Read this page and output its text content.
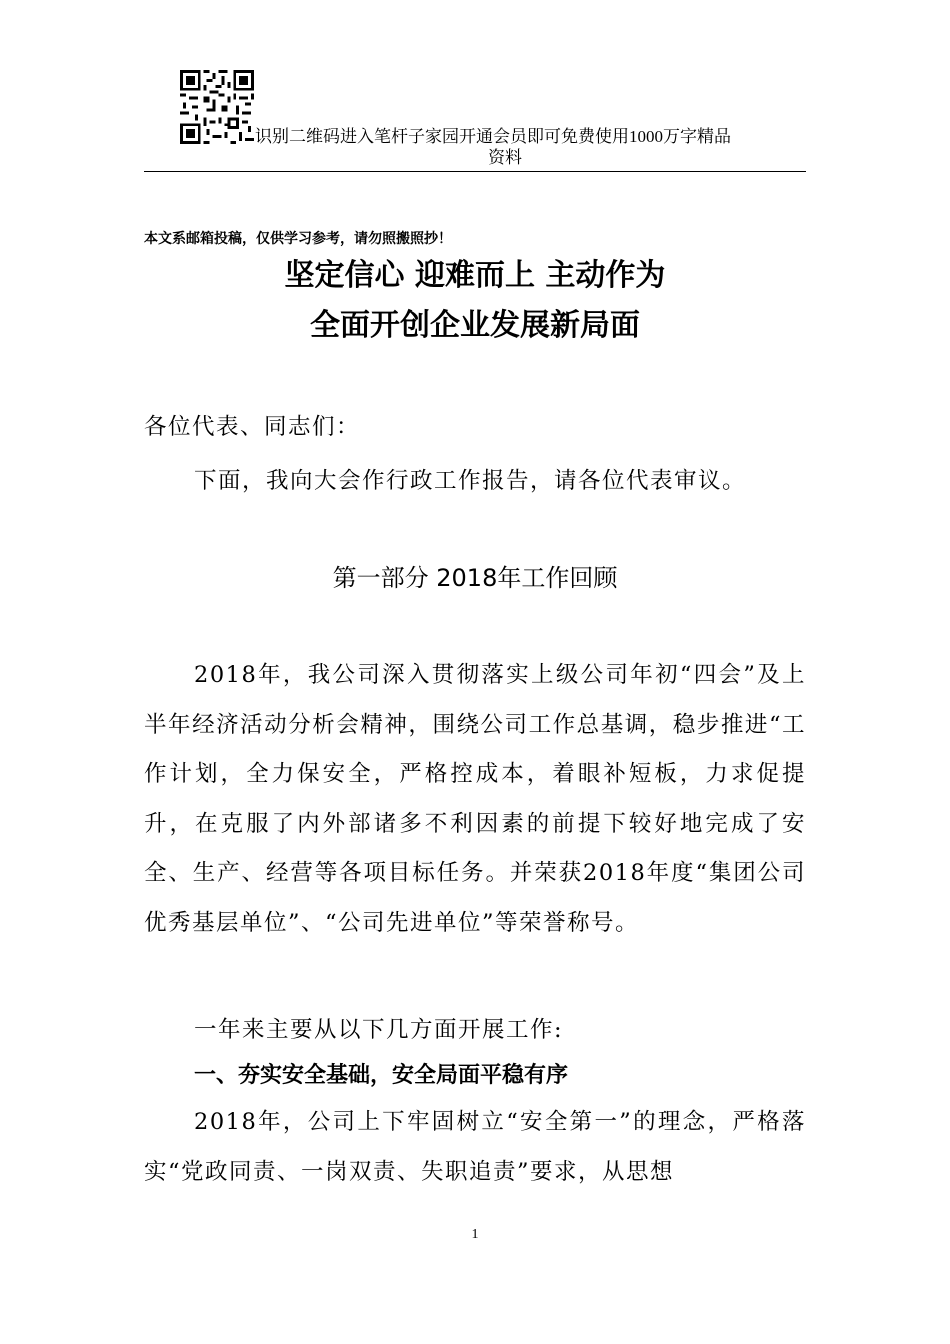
识别二维码进入笔杆子家园开通会员即可免费使用1000万字精品
资料
本文系邮箱投稿，仅供学习参考，请勿照搬照抄！
坚定信心 迎难而上 主动作为
全面开创企业发展新局面
各位代表、同志们：
下面，我向大会作行政工作报告，请各位代表审议。
第一部分 2018年工作回顾
2018年，我公司深入贯彻落实上级公司年初“四会”及上半年经济活动分析会精神，围绕公司工作总基调，稳步推进“工作计划，全力保安全，严格控成本，着眼补短板，力求促提升，在克服了内外部诸多不利因素的前提下较好地完成了安全、生产、经营等各项目标任务。并荣获2018年度“集团公司优秀基层单位”、“公司先进单位”等荣誉称号。
一年来主要从以下几方面开展工作:
一、夯实安全基础，安全局面平稳有序
2018年，公司上下牢固树立“安全第一”的理念，严格落实“党政同责、一岗双责、失职追责”要求，从思想
1
